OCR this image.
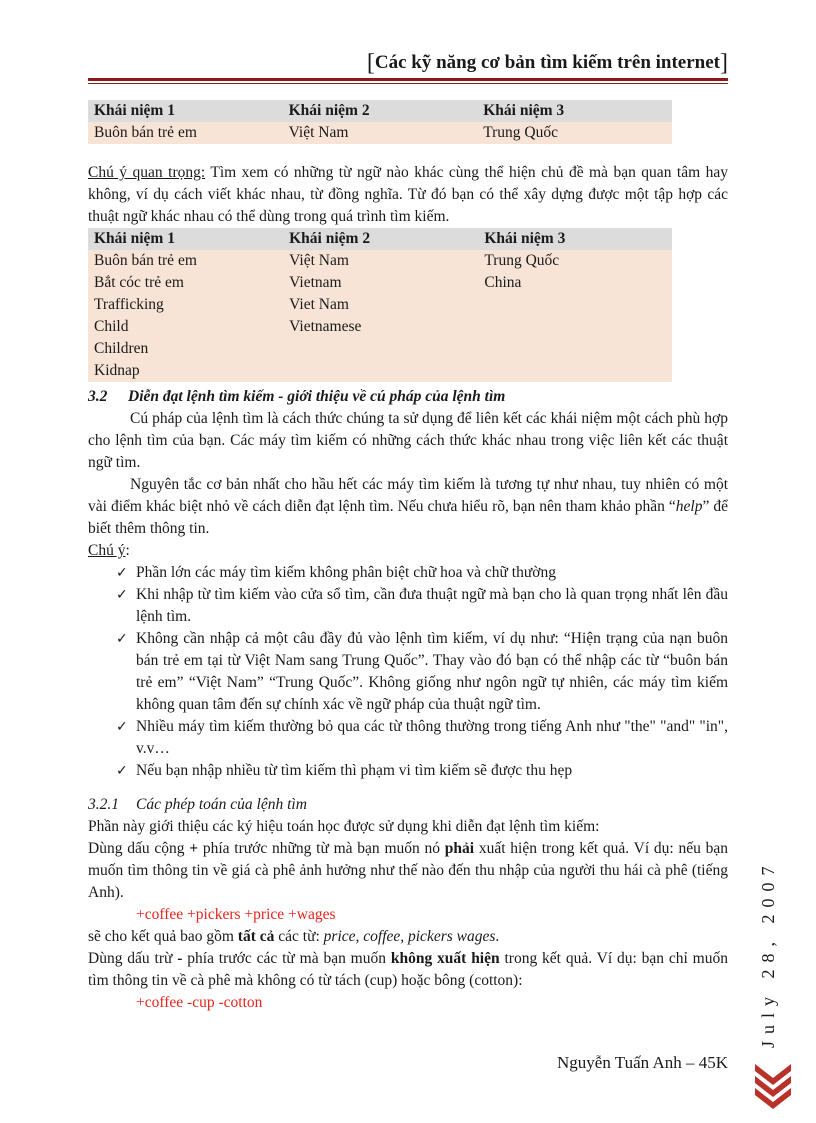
[Các kỹ năng cơ bản tìm kiếm trên internet]
Khái niệm 1	Khái niệm 2	Khái niệm 3
Buôn bán trẻ em	Việt Nam	Trung Quốc

Chú ý quan trọng: Tìm xem có những từ ngữ nào khác cùng thể hiện chủ đề mà bạn quan tâm hay không, ví dụ cách viết khác nhau, từ đồng nghĩa. Từ đó bạn có thể xây dựng được một tập hợp các thuật ngữ khác nhau có thể dùng trong quá trình tìm kiếm.

Khái niệm 1	Khái niệm 2	Khái niệm 3
Buôn bán trẻ em	Việt Nam	Trung Quốc
Bắt cóc trẻ em	Vietnam	China
Trafficking	Viet Nam	
Child	Vietnamese	
Children		
Kidnap		
3.2 Diễn đạt lệnh tìm kiếm - giới thiệu về cú pháp của lệnh tìm

Cú pháp của lệnh tìm là cách thức chúng ta sử dụng để liên kết các khái niệm một cách phù hợp cho lệnh tìm của bạn. Các máy tìm kiếm có những cách thức khác nhau trong việc liên kết các thuật ngữ tìm.

Nguyên tắc cơ bản nhất cho hầu hết các máy tìm kiếm là tương tự như nhau, tuy nhiên có một vài điểm khác biệt nhỏ về cách diễn đạt lệnh tìm. Nếu chưa hiểu rõ, bạn nên tham khảo phần “help” để biết thêm thông tin.

Chú ý:

✓ Phần lớn các máy tìm kiếm không phân biệt chữ hoa và chữ thường
✓ Khi nhập từ tìm kiếm vào cửa sổ tìm, cần đưa thuật ngữ mà bạn cho là quan trọng nhất lên đầu lệnh tìm.
✓ Không cần nhập cả một câu đầy đủ vào lệnh tìm kiếm, ví dụ như: “Hiện trạng của nạn buôn bán trẻ em tại từ Việt Nam sang Trung Quốc”. Thay vào đó bạn có thể nhập các từ “buôn bán trẻ em” “Việt Nam” “Trung Quốc”. Không giống như ngôn ngữ tự nhiên, các máy tìm kiếm không quan tâm đến sự chính xác về ngữ pháp của thuật ngữ tìm.
✓ Nhiều máy tìm kiếm thường bỏ qua các từ thông thường trong tiếng Anh như "the" "and" "in", v.v…
✓ Nếu bạn nhập nhiều từ tìm kiếm thì phạm vi tìm kiếm sẽ được thu hẹp
3.2.1 Các phép toán của lệnh tìm

Phần này giới thiệu các ký hiệu toán học được sử dụng khi diễn đạt lệnh tìm kiếm:

Dùng dấu cộng + phía trước những từ mà bạn muốn nó phải xuất hiện trong kết quả. Ví dụ: nếu bạn muốn tìm thông tin về giá cà phê ảnh hưởng như thế nào đến thu nhập của người thu hái cà phê (tiếng Anh).

+coffee +pickers +price +wages

sẽ cho kết quả bao gồm tất cả các từ: price, coffee, pickers wages.

Dùng dấu trừ - phía trước các từ mà bạn muốn không xuất hiện trong kết quả. Ví dụ: bạn chỉ muốn tìm thông tin về cà phê mà không có từ tách (cup) hoặc bông (cotton):

+coffee -cup -cotton	July 28, 2007
Nguyễn Tuấn Anh – 45K
